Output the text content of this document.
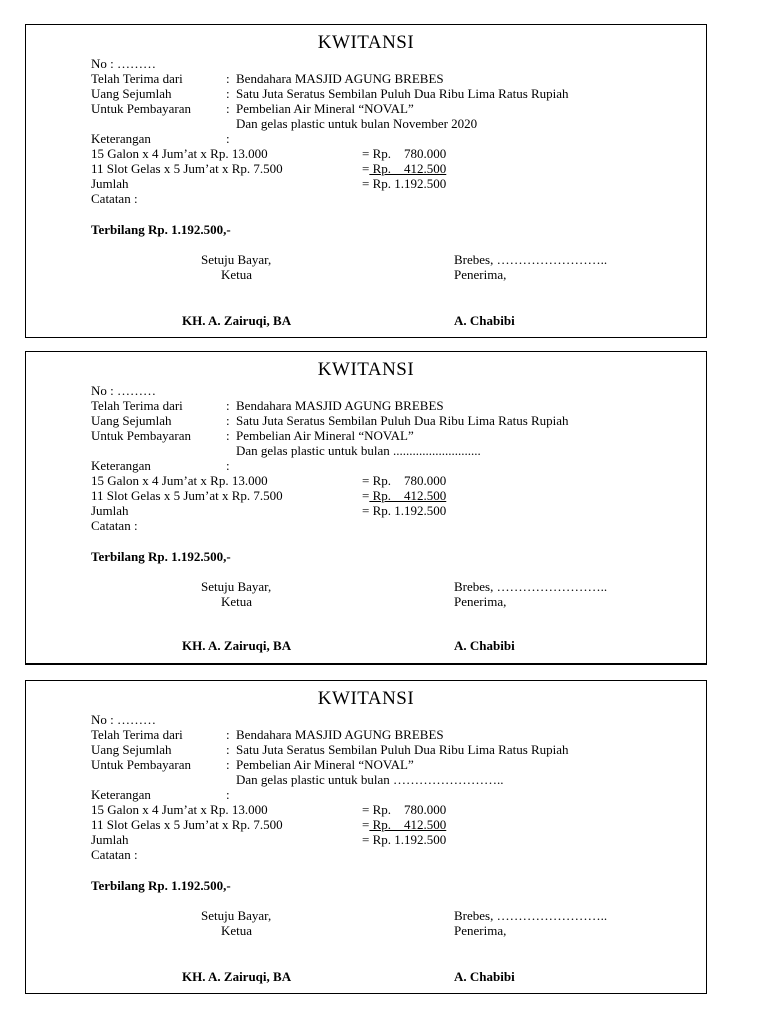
KWITANSI
No : ………
Telah Terima dari	: Bendahara MASJID AGUNG BREBES
Uang Sejumlah	: Satu Juta Seratus Sembilan Puluh Dua Ribu Lima Ratus Rupiah
Untuk Pembayaran	: Pembelian Air Mineral “NOVAL”
Dan gelas plastic untuk bulan November 2020
Keterangan	:
15 Galon x 4 Jum’at x Rp. 13.000	= Rp.    780.000
11 Slot Gelas x 5 Jum’at x Rp. 7.500	= Rp.    412.500
Jumlah	= Rp. 1.192.500
Catatan :
Terbilang Rp. 1.192.500,-
Setuju Bayar,
Ketua
Brebes, ……………………..
Penerima,
KH. A. Zairuqi, BA	A. Chabibi
KWITANSI
No : ………
Telah Terima dari	: Bendahara MASJID AGUNG BREBES
Uang Sejumlah	: Satu Juta Seratus Sembilan Puluh Dua Ribu Lima Ratus Rupiah
Untuk Pembayaran	: Pembelian Air Mineral “NOVAL”
Dan gelas plastic untuk bulan ...........................
Keterangan	:
15 Galon x 4 Jum’at x Rp. 13.000	= Rp.    780.000
11 Slot Gelas x 5 Jum’at x Rp. 7.500	= Rp.    412.500
Jumlah	= Rp. 1.192.500
Catatan :
Terbilang Rp. 1.192.500,-
Setuju Bayar,
Ketua
Brebes, ……………………..
Penerima,
KH. A. Zairuqi, BA	A. Chabibi
KWITANSI
No : ………
Telah Terima dari	: Bendahara MASJID AGUNG BREBES
Uang Sejumlah	: Satu Juta Seratus Sembilan Puluh Dua Ribu Lima Ratus Rupiah
Untuk Pembayaran	: Pembelian Air Mineral “NOVAL”
Dan gelas plastic untuk bulan ……………………..
Keterangan	:
15 Galon x 4 Jum’at x Rp. 13.000	= Rp.    780.000
11 Slot Gelas x 5 Jum’at x Rp. 7.500	= Rp.    412.500
Jumlah	= Rp. 1.192.500
Catatan :
Terbilang Rp. 1.192.500,-
Setuju Bayar,
Ketua
Brebes, ……………………..
Penerima,
KH. A. Zairuqi, BA	A. Chabibi
